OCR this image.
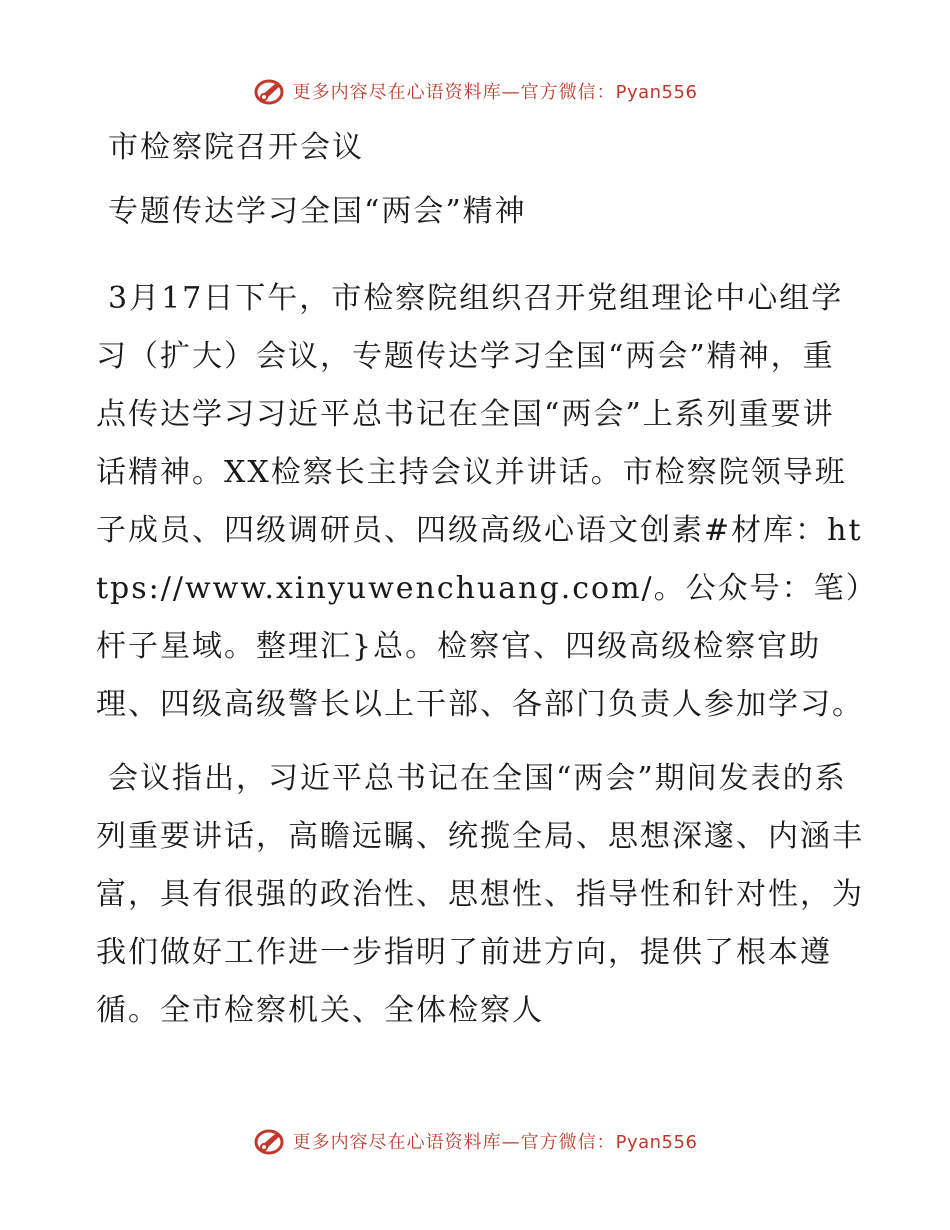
更多内容尽在心语资料库—官方微信：Pyan556
市检察院召开会议
专题传达学习全国“两会”精神

3月17日下午，市检察院组织召开党组理论中心组学习（扩大）会议，专题传达学习全国“两会”精神，重点传达学习习近平总书记在全国“两会”上系列重要讲话精神。XX检察长主持会议并讲话。市检察院领导班子成员、四级调研员、四级高级心语文创素#材库：https://www.xinyuwenchuang.com/。公众号：笔）杆子星域。整理汇}总。检察官、四级高级检察官助理、四级高级警长以上干部、各部门负责人参加学习。

会议指出，习近平总书记在全国“两会”期间发表的系列重要讲话，高瞻远瞩、统揽全局、思想深邃、内涵丰富，具有很强的政治性、思想性、指导性和针对性，为我们做好工作进一步指明了前进方向，提供了根本遵循。全市检察机关、全体检察人

更多内容尽在心语资料库—官方微信：Pyan556
